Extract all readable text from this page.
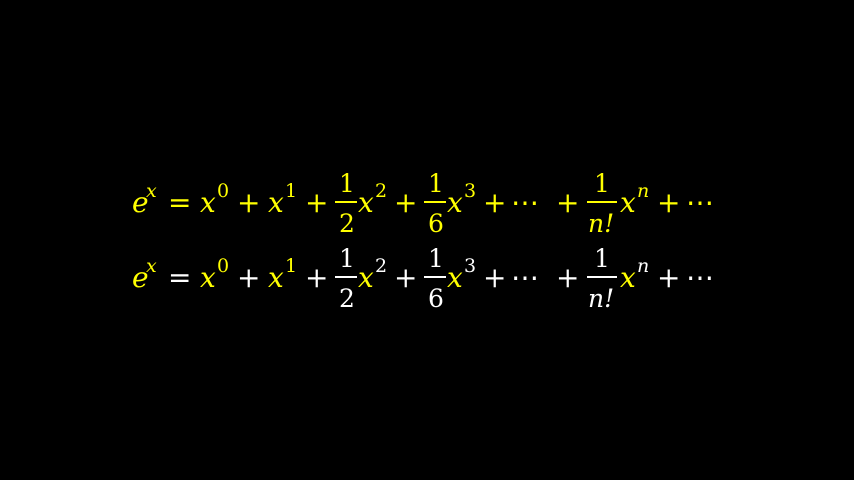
e
x = x 0 + x 1 +
1
2
x 2 +
1
6
x 3 + ⋯ +
1
n!
x n + ⋯
e
x = x 0 + x 1 +
1
2
x 2 +
1
6
x 3 + ⋯ +
1
n!
x n + ⋯
